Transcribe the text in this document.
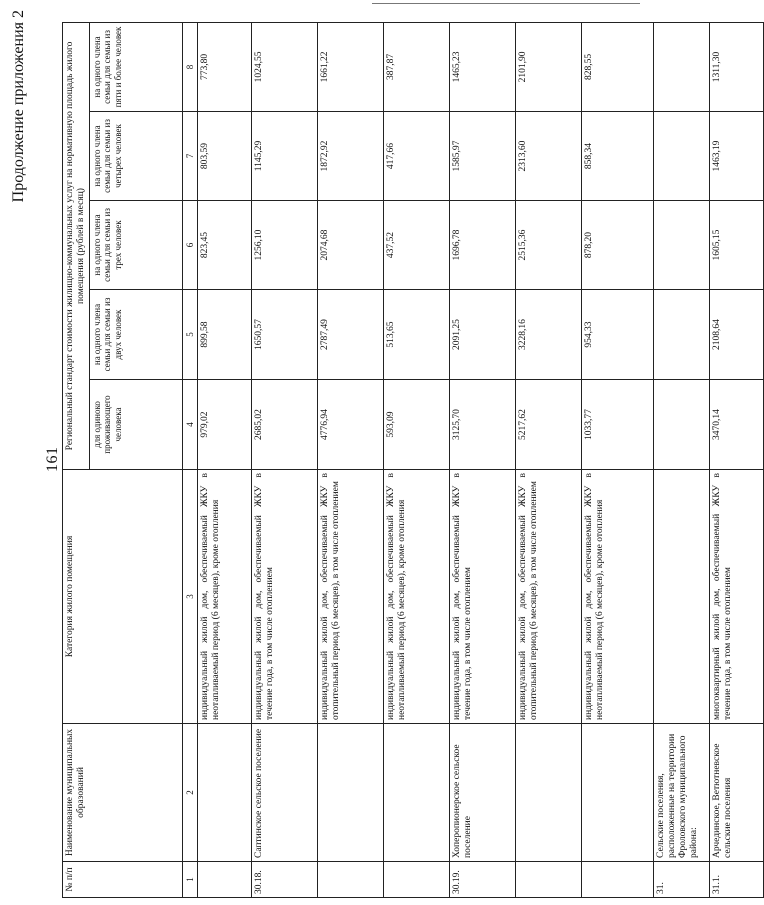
161
Продолжение приложения 2
№ п/п	Наименование муниципальных образований	Категория жилого помещения	Региональный стандарт стоимости жилищно-коммунальных услуг на нормативную площадь жилого помещения (рублей в месяц)				
			для одиноко проживающего человека	на одного члена семьи для семьи из двух человек	на одного члена семьи для семьи из трех человек	на одного члена семьи для семьи из четырех человек	на одного члена семьи для семьи из пяти и более человек
1	2	3	4	5	6	7	8
		индивидуальный жилой дом, обеспечиваемый ЖКУ в неотапливаемый период (6 месяцев), кроме отопления	979,02	899,58	823,45	803,59	773,80
30.18.	Саптинское сельское поселение	индивидуальный жилой дом, обеспечиваемый ЖКУ в течение года, в том числе отоплением	2685,02	1650,57	1256,10	1145,29	1024,55
		индивидуальный жилой дом, обеспечиваемый ЖКУ в отопительный период (6 месяцев), в том числе отоплением	4776,94	2787,49	2074,68	1872,92	1661,22
		индивидуальный жилой дом, обеспечиваемый ЖКУ в неотапливаемый период (6 месяцев), кроме отопления	593,09	513,65	437,52	417,66	387,87
30.19.	Хоперопионерское сельское поселение	индивидуальный жилой дом, обеспечиваемый ЖКУ в течение года, в том числе отоплением	3125,70	2091,25	1696,78	1585,97	1465,23
		индивидуальный жилой дом, обеспечиваемый ЖКУ в отопительный период (6 месяцев), в том числе отоплением	5217,62	3228,16	2515,36	2313,60	2101,90
		индивидуальный жилой дом, обеспечиваемый ЖКУ в неотапливаемый период (6 месяцев), кроме отопления	1033,77	954,33	878,20	858,34	828,55
31.	Сельские поселения, расположенные на территории Фроловского муниципального района:						
31.1.	Арчединское, Ветютневское сельские поселения	многоквартирный жилой дом, обеспечиваемый ЖКУ в течение года, в том числе отоплением	3470,14	2108,64	1605,15	1463,19	1311,30
